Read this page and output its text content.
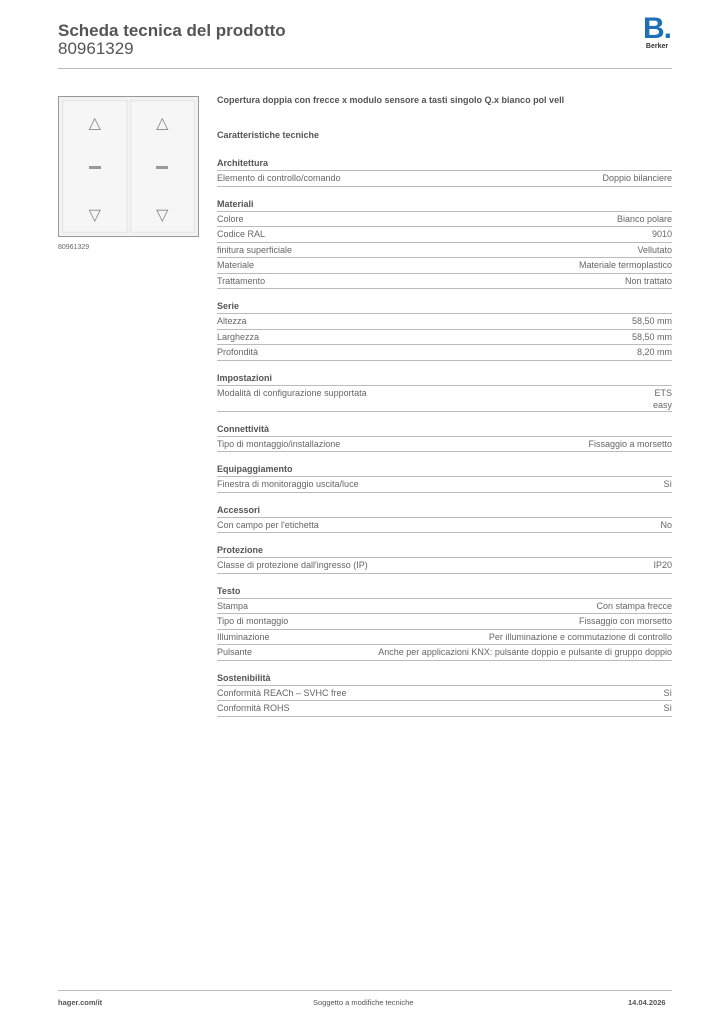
Scheda tecnica del prodotto
80961329
B.
Berker
△
▽
△
▽
80961329
Copertura doppia con frecce x modulo sensore a tasti singolo Q.x bianco pol vell
Caratteristiche tecniche
Architettura
Elemento di controllo/comando	Doppio bilanciere
Materiali
Colore	Bianco polare
Codice RAL	9010
finitura superficiale	Vellutato
Materiale	Materiale termoplastico
Trattamento	Non trattato
Serie
Altezza	58,50 mm
Larghezza	58,50 mm
Profondità	8,20 mm
Impostazioni
Modalità di configurazione supportata	ETS
easy
Connettività
Tipo di montaggio/installazione	Fissaggio a morsetto
Equipaggiamento
Finestra di monitoraggio uscita/luce	Sì
Accessori
Con campo per l'etichetta	No
Protezione
Classe di protezione dall'ingresso (IP)	IP20
Testo
Stampa	Con stampa frecce
Tipo di montaggio	Fissaggio con morsetto
Illuminazione	Per illuminazione e commutazione di controllo
Pulsante	Anche per applicazioni KNX: pulsante doppio e pulsante di gruppo doppio
Sostenibilità
Conformità REACh – SVHC free	Sì
Conformità ROHS	Sì
hager.com/it	Soggetto a modifiche tecniche	14.04.2026
